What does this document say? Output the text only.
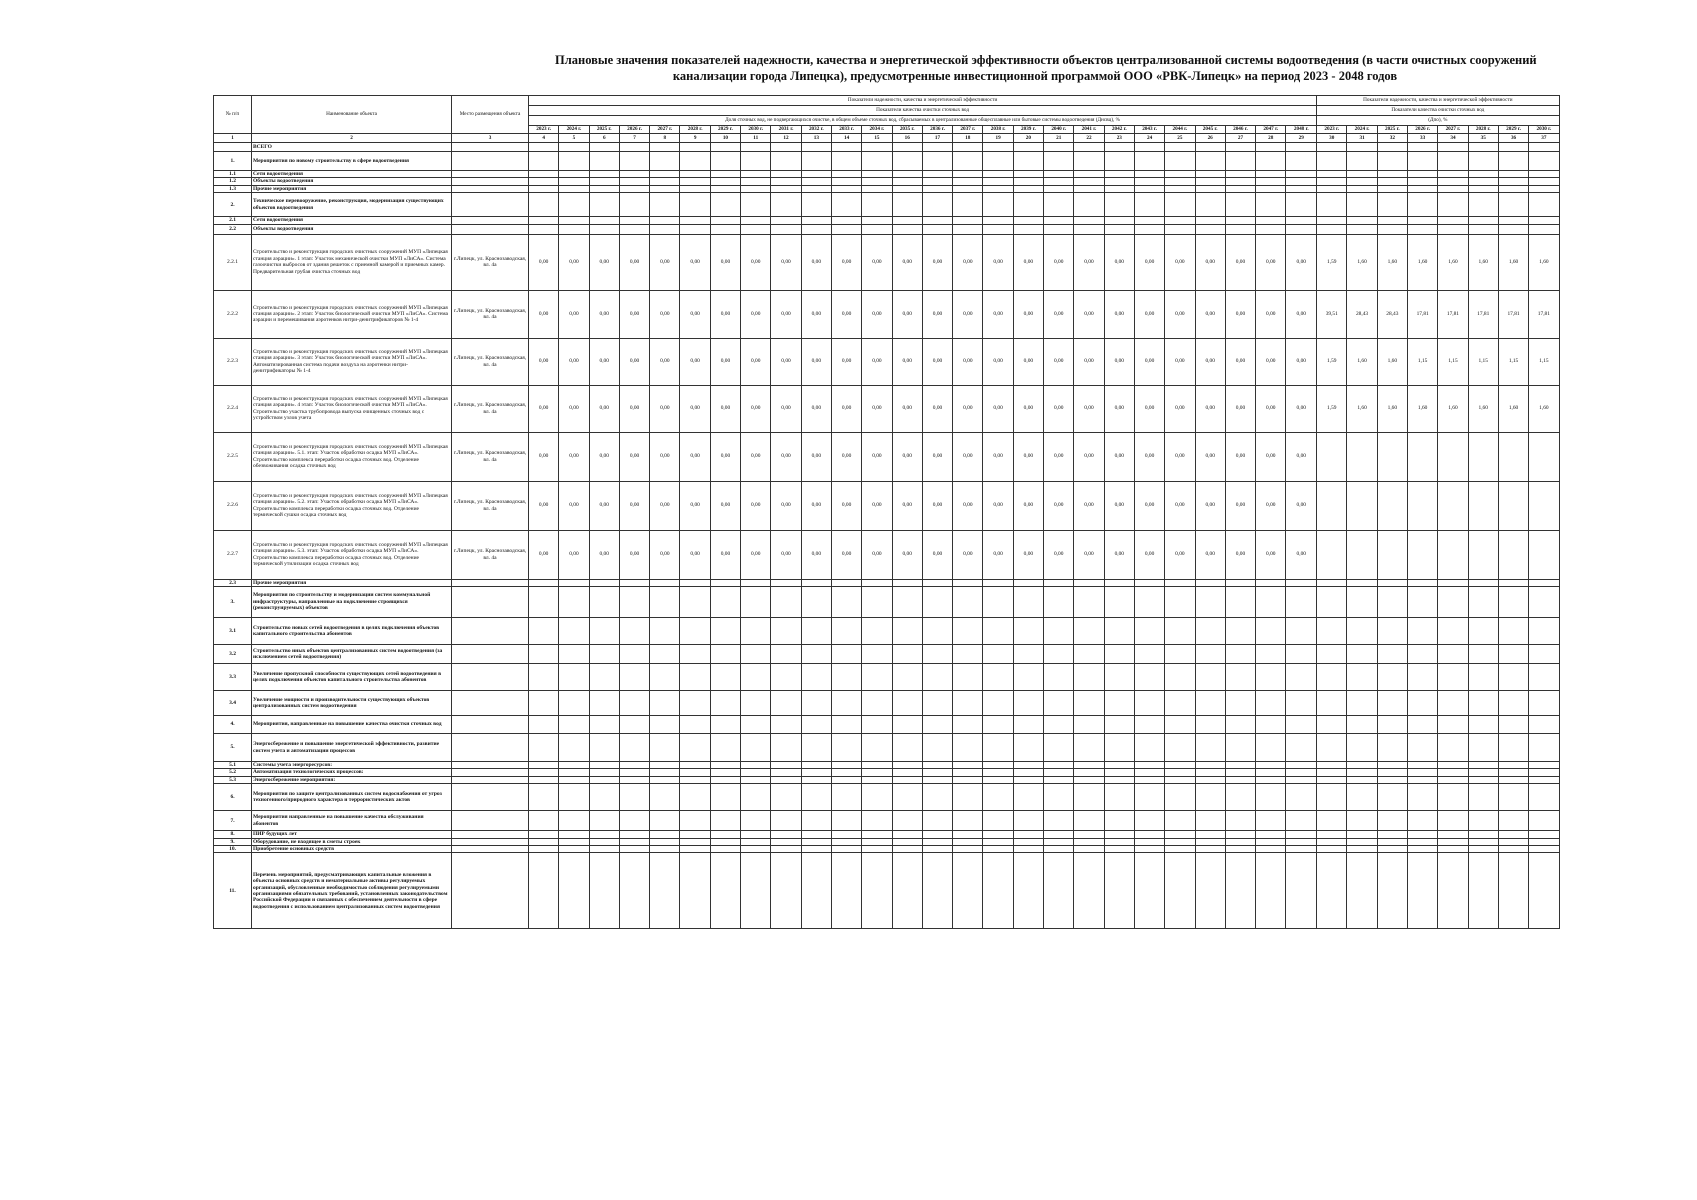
Плановые значения показателей надежности, качества и энергетической эффективности объектов централизованной системы водоотведения (в части очистных сооружений
канализации города Липецка), предусмотренные инвестиционной программой ООО «РВК-Липецк» на период 2023 - 2048 годов
№ п/п	Наименование объекта	Место размещения объекта	Показатели надежности, качества и энергетической эффективности																										Показатели надежности, качества и энергетической эффективности							
			Показатели качества очистки сточных вод																										Показатели качества очистки сточных вод							
			Доля сточных вод, не подвергающихся очистке, в общем объеме сточных вод, сбрасываемых в централизованные общесплавные или бытовые системы водоотведения (Днсвц), %																										(Дпо), %							
			2023 г.	2024 г.	2025 г.	2026 г.	2027 г.	2028 г.	2029 г.	2030 г.	2031 г.	2032 г.	2033 г.	2034 г.	2035 г.	2036 г.	2037 г.	2038 г.	2039 г.	2040 г.	2041 г.	2042 г.	2043 г.	2044 г.	2045 г.	2046 г.	2047 г.	2048 г.	2023 г.	2024 г.	2025 г.	2026 г.	2027 г.	2028 г.	2029 г.	2030 г.
1	2	3	4	5	6	7	8	9	10	11	12	13	14	15	16	17	18	19	20	21	22	23	24	25	26	27	28	29	30	31	32	33	34	35	36	37
	ВСЕГО																																			
1.	Мероприятия по новому строительству в сфере водоотведения																																			
1.1	Сети водоотведения																																			
1.2	Объекты водоотведения																																			
1.3	Прочие мероприятия																																			
2.	Техническое перевооружение, реконструкция, модернизация существующих объектов водоотведения																																			
2.1	Сети водоотведения																																			
2.2	Объекты водоотведения																																			
2.2.1	Строительство и реконструкция городских очистных сооружений МУП «Липецкая станция аэрации». 1 этап: Участок механической очистки МУП «ЛиСА». Система газоочистки выбросов от здания решеток с приемной камерой и приемных камер. Предварительная грубая очистка сточных вод	г.Липецк, ул. Краснозаводская, вл. 4а	0,00	0,00	0,00	0,00	0,00	0,00	0,00	0,00	0,00	0,00	0,00	0,00	0,00	0,00	0,00	0,00	0,00	0,00	0,00	0,00	0,00	0,00	0,00	0,00	0,00	0,00	1,59	1,60	1,60	1,60	1,60	1,60	1,60	1,60
2.2.2	Строительство и реконструкция городских очистных сооружений МУП «Липецкая станция аэрации». 2 этап: Участок биологической очистки МУП «ЛиСА». Система аэрации и перемешивания аэротенков нитри-денитрификаторов № 1-4	г.Липецк, ул. Краснозаводская, вл. 4а	0,00	0,00	0,00	0,00	0,00	0,00	0,00	0,00	0,00	0,00	0,00	0,00	0,00	0,00	0,00	0,00	0,00	0,00	0,00	0,00	0,00	0,00	0,00	0,00	0,00	0,00	39,51	28,43	28,43	17,81	17,81	17,81	17,81	17,81
2.2.3	Строительство и реконструкция городских очистных сооружений МУП «Липецкая станция аэрации». 3 этап: Участок биологической очистки МУП «ЛиСА». Автоматизированная система подачи воздуха на аэротенки нитри-денитрификаторы № 1-4	г.Липецк, ул. Краснозаводская, вл. 4а	0,00	0,00	0,00	0,00	0,00	0,00	0,00	0,00	0,00	0,00	0,00	0,00	0,00	0,00	0,00	0,00	0,00	0,00	0,00	0,00	0,00	0,00	0,00	0,00	0,00	0,00	1,59	1,60	1,60	1,15	1,15	1,15	1,15	1,15
2.2.4	Строительство и реконструкция городских очистных сооружений МУП «Липецкая станция аэрации». 4 этап: Участок биологической очистки МУП «ЛиСА». Строительство участка трубопровода выпуска очищенных сточных вод с устройством узлов учета	г.Липецк, ул. Краснозаводская, вл. 4а	0,00	0,00	0,00	0,00	0,00	0,00	0,00	0,00	0,00	0,00	0,00	0,00	0,00	0,00	0,00	0,00	0,00	0,00	0,00	0,00	0,00	0,00	0,00	0,00	0,00	0,00	1,59	1,60	1,60	1,60	1,60	1,60	1,60	1,60
2.2.5	Строительство и реконструкция городских очистных сооружений МУП «Липецкая станция аэрации». 5.1. этап: Участок обработки осадка МУП «ЛиСА». Строительство комплекса переработки осадка сточных вод. Отделение обезвоживания осадка сточных вод	г.Липецк, ул. Краснозаводская, вл. 4а	0,00	0,00	0,00	0,00	0,00	0,00	0,00	0,00	0,00	0,00	0,00	0,00	0,00	0,00	0,00	0,00	0,00	0,00	0,00	0,00	0,00	0,00	0,00	0,00	0,00	0,00								
2.2.6	Строительство и реконструкция городских очистных сооружений МУП «Липецкая станция аэрации». 5.2. этап: Участок обработки осадка МУП «ЛиСА». Строительство комплекса переработки осадка сточных вод. Отделение термической сушки осадка сточных вод	г.Липецк, ул. Краснозаводская, вл. 4а	0,00	0,00	0,00	0,00	0,00	0,00	0,00	0,00	0,00	0,00	0,00	0,00	0,00	0,00	0,00	0,00	0,00	0,00	0,00	0,00	0,00	0,00	0,00	0,00	0,00	0,00								
2.2.7	Строительство и реконструкция городских очистных сооружений МУП «Липецкая станция аэрации». 5.3. этап: Участок обработки осадка МУП «ЛиСА». Строительство комплекса переработки осадка сточных вод. Отделение термической утилизации осадка сточных вод	г.Липецк, ул. Краснозаводская, вл. 4а	0,00	0,00	0,00	0,00	0,00	0,00	0,00	0,00	0,00	0,00	0,00	0,00	0,00	0,00	0,00	0,00	0,00	0,00	0,00	0,00	0,00	0,00	0,00	0,00	0,00	0,00								
2.3	Прочие мероприятия																																			
3.	Мероприятия по строительству и модернизации систем коммунальной инфраструктуры, направленные на подключение строящихся (реконструируемых) объектов																																			
3.1	Строительство новых сетей водоотведения в целях подключения объектов капитального строительства абонентов																																			
3.2	Строительство иных объектов централизованных систем водоотведения (за исключением сетей водоотведения)																																			
3.3	Увеличение пропускной способности существующих сетей водоотведения в целях подключения объектов капитального строительства абонентов																																			
3.4	Увеличение мощности и производительности существующих объектов централизованных систем водоотведения																																			
4.	Мероприятия, направленные на повышение качества очистки сточных вод																																			
5.	Энергосбережение и повышение энергетической эффективности, развитие систем учета и автоматизации процессов																																			
5.1	Системы учета энергоресурсов:																																			
5.2	Автоматизация технологических процессов:																																			
5.3	Энергосбережение мероприятия:																																			
6.	Мероприятия по защите централизованных систем водоснабжения от угроз техногенного/природного характера и террористических актов																																			
7.	Мероприятия направленные на повышение качества обслуживания абонентов																																			
8.	ПИР будущих лет																																			
9.	Оборудование, не входящее в сметы строек																																			
10.	Приобретение основных средств																																			
11.	Перечень мероприятий, предусматривающих капитальные вложения в объекты основных средств и нематериальные активы регулируемых организаций, обусловленные необходимостью соблюдения регулируемыми организациями обязательных требований, установленных законодательством Российской Федерации и связанных с обеспечением деятельности в сфере водоотведения с использованием централизованных систем водоотведения																																			
